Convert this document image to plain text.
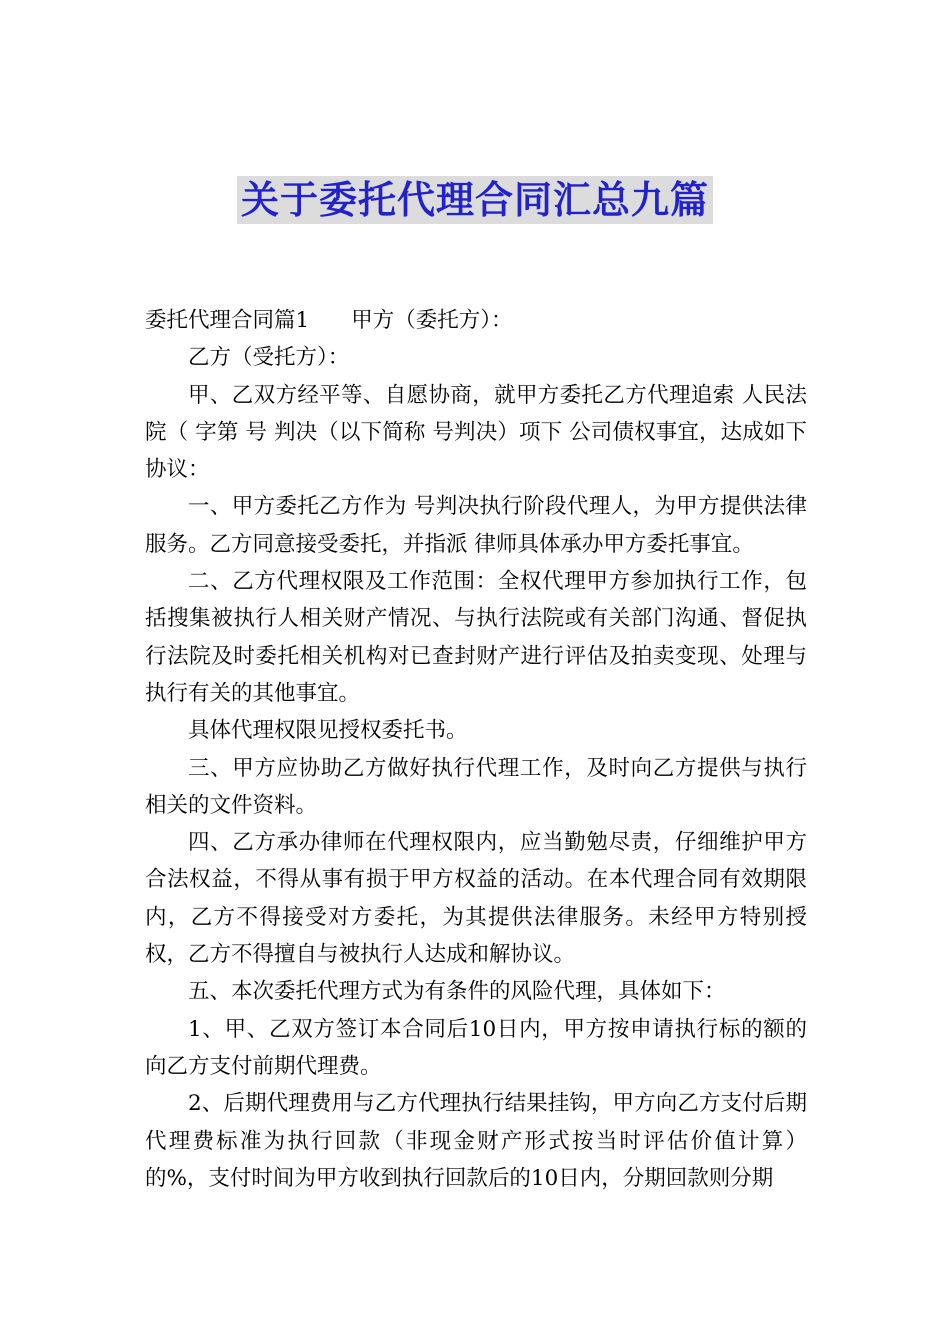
关于委托代理合同汇总九篇

委托代理合同篇1 甲方（委托方）：

乙方（受托方）：

甲、乙双方经平等、自愿协商，就甲方委托乙方代理追索 人民法院（ 字第 号 判决（以下简称 号判决）项下 公司债权事宜，达成如下协议：

一、甲方委托乙方作为 号判决执行阶段代理人，为甲方提供法律服务。乙方同意接受委托，并指派 律师具体承办甲方委托事宜。

二、乙方代理权限及工作范围：全权代理甲方参加执行工作，包括搜集被执行人相关财产情况、与执行法院或有关部门沟通、督促执行法院及时委托相关机构对已查封财产进行评估及拍卖变现、处理与执行有关的其他事宜。

具体代理权限见授权委托书。

三、甲方应协助乙方做好执行代理工作，及时向乙方提供与执行相关的文件资料。

四、乙方承办律师在代理权限内，应当勤勉尽责，仔细维护甲方合法权益，不得从事有损于甲方权益的活动。在本代理合同有效期限内，乙方不得接受对方委托，为其提供法律服务。未经甲方特别授权，乙方不得擅自与被执行人达成和解协议。

五、本次委托代理方式为有条件的风险代理，具体如下：

1、甲、乙双方签订本合同后10日内，甲方按申请执行标的额的 向乙方支付前期代理费。

2、后期代理费用与乙方代理执行结果挂钩，甲方向乙方支付后期代理费标准为执行回款（非现金财产形式按当时评估价值计算）的%，支付时间为甲方收到执行回款后的10日内，分期回款则分期
